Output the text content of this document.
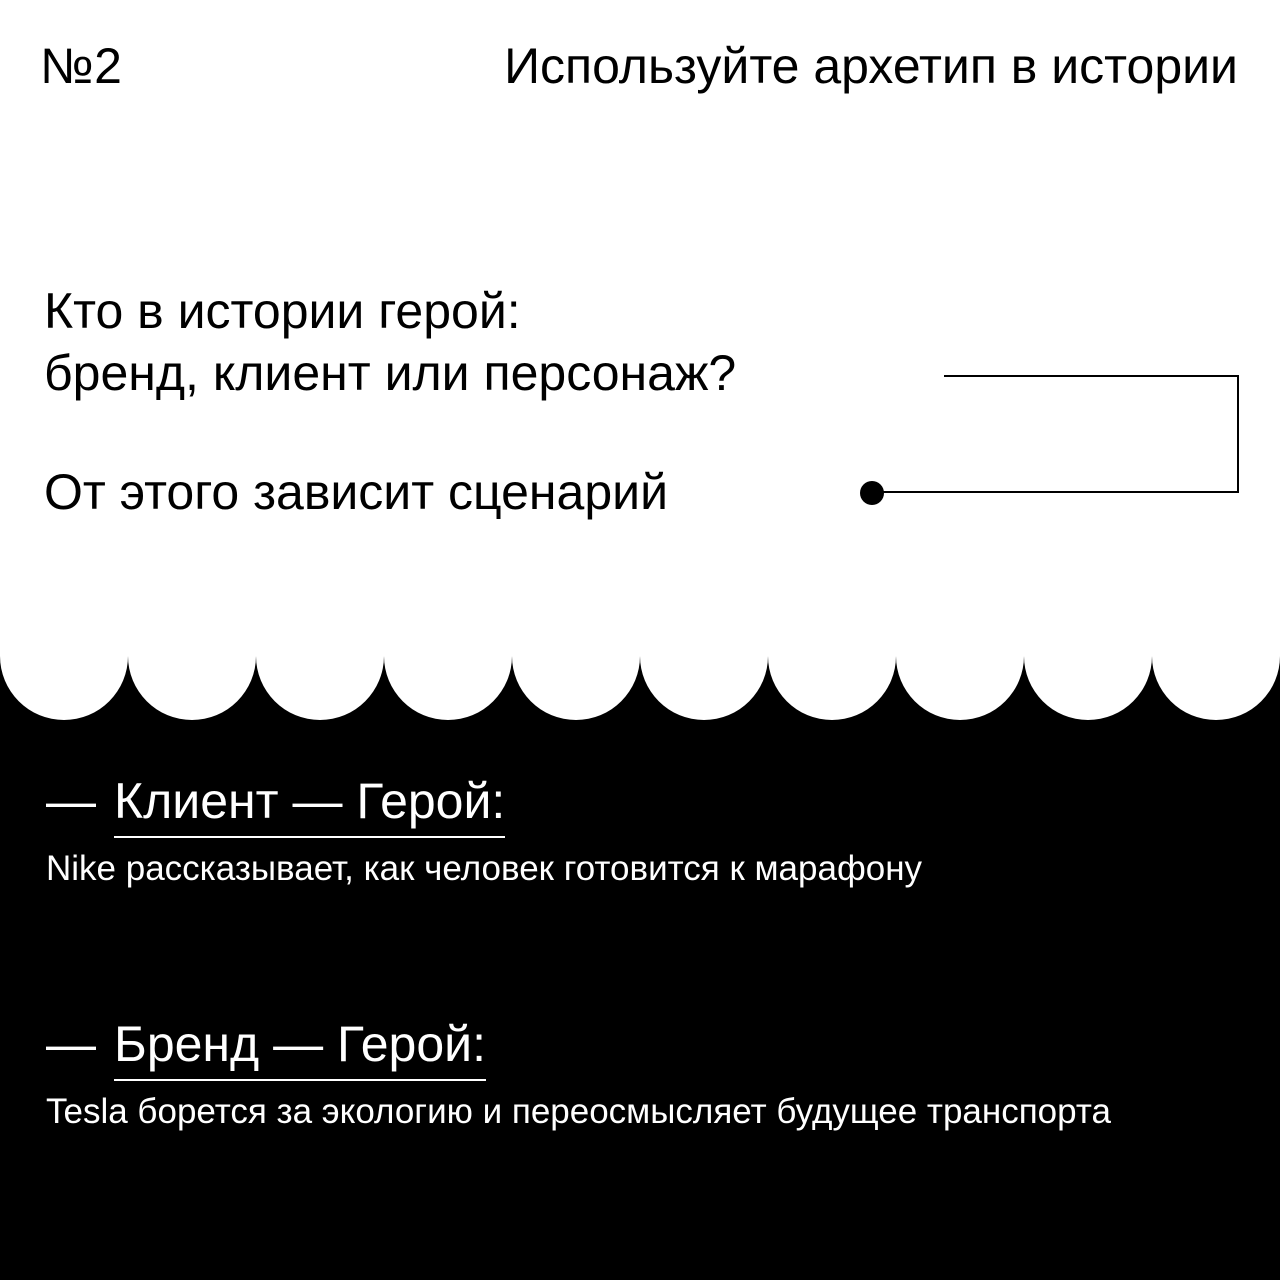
№2	Используйте архетип в истории
Кто в истории герой:
бренд, клиент или персонаж?
От этого зависит сценарий
— Клиент — Герой:
Nike рассказывает, как человек готовится к марафону
— Бренд — Герой:
Tesla борется за экологию и переосмысляет будущее транспорта
